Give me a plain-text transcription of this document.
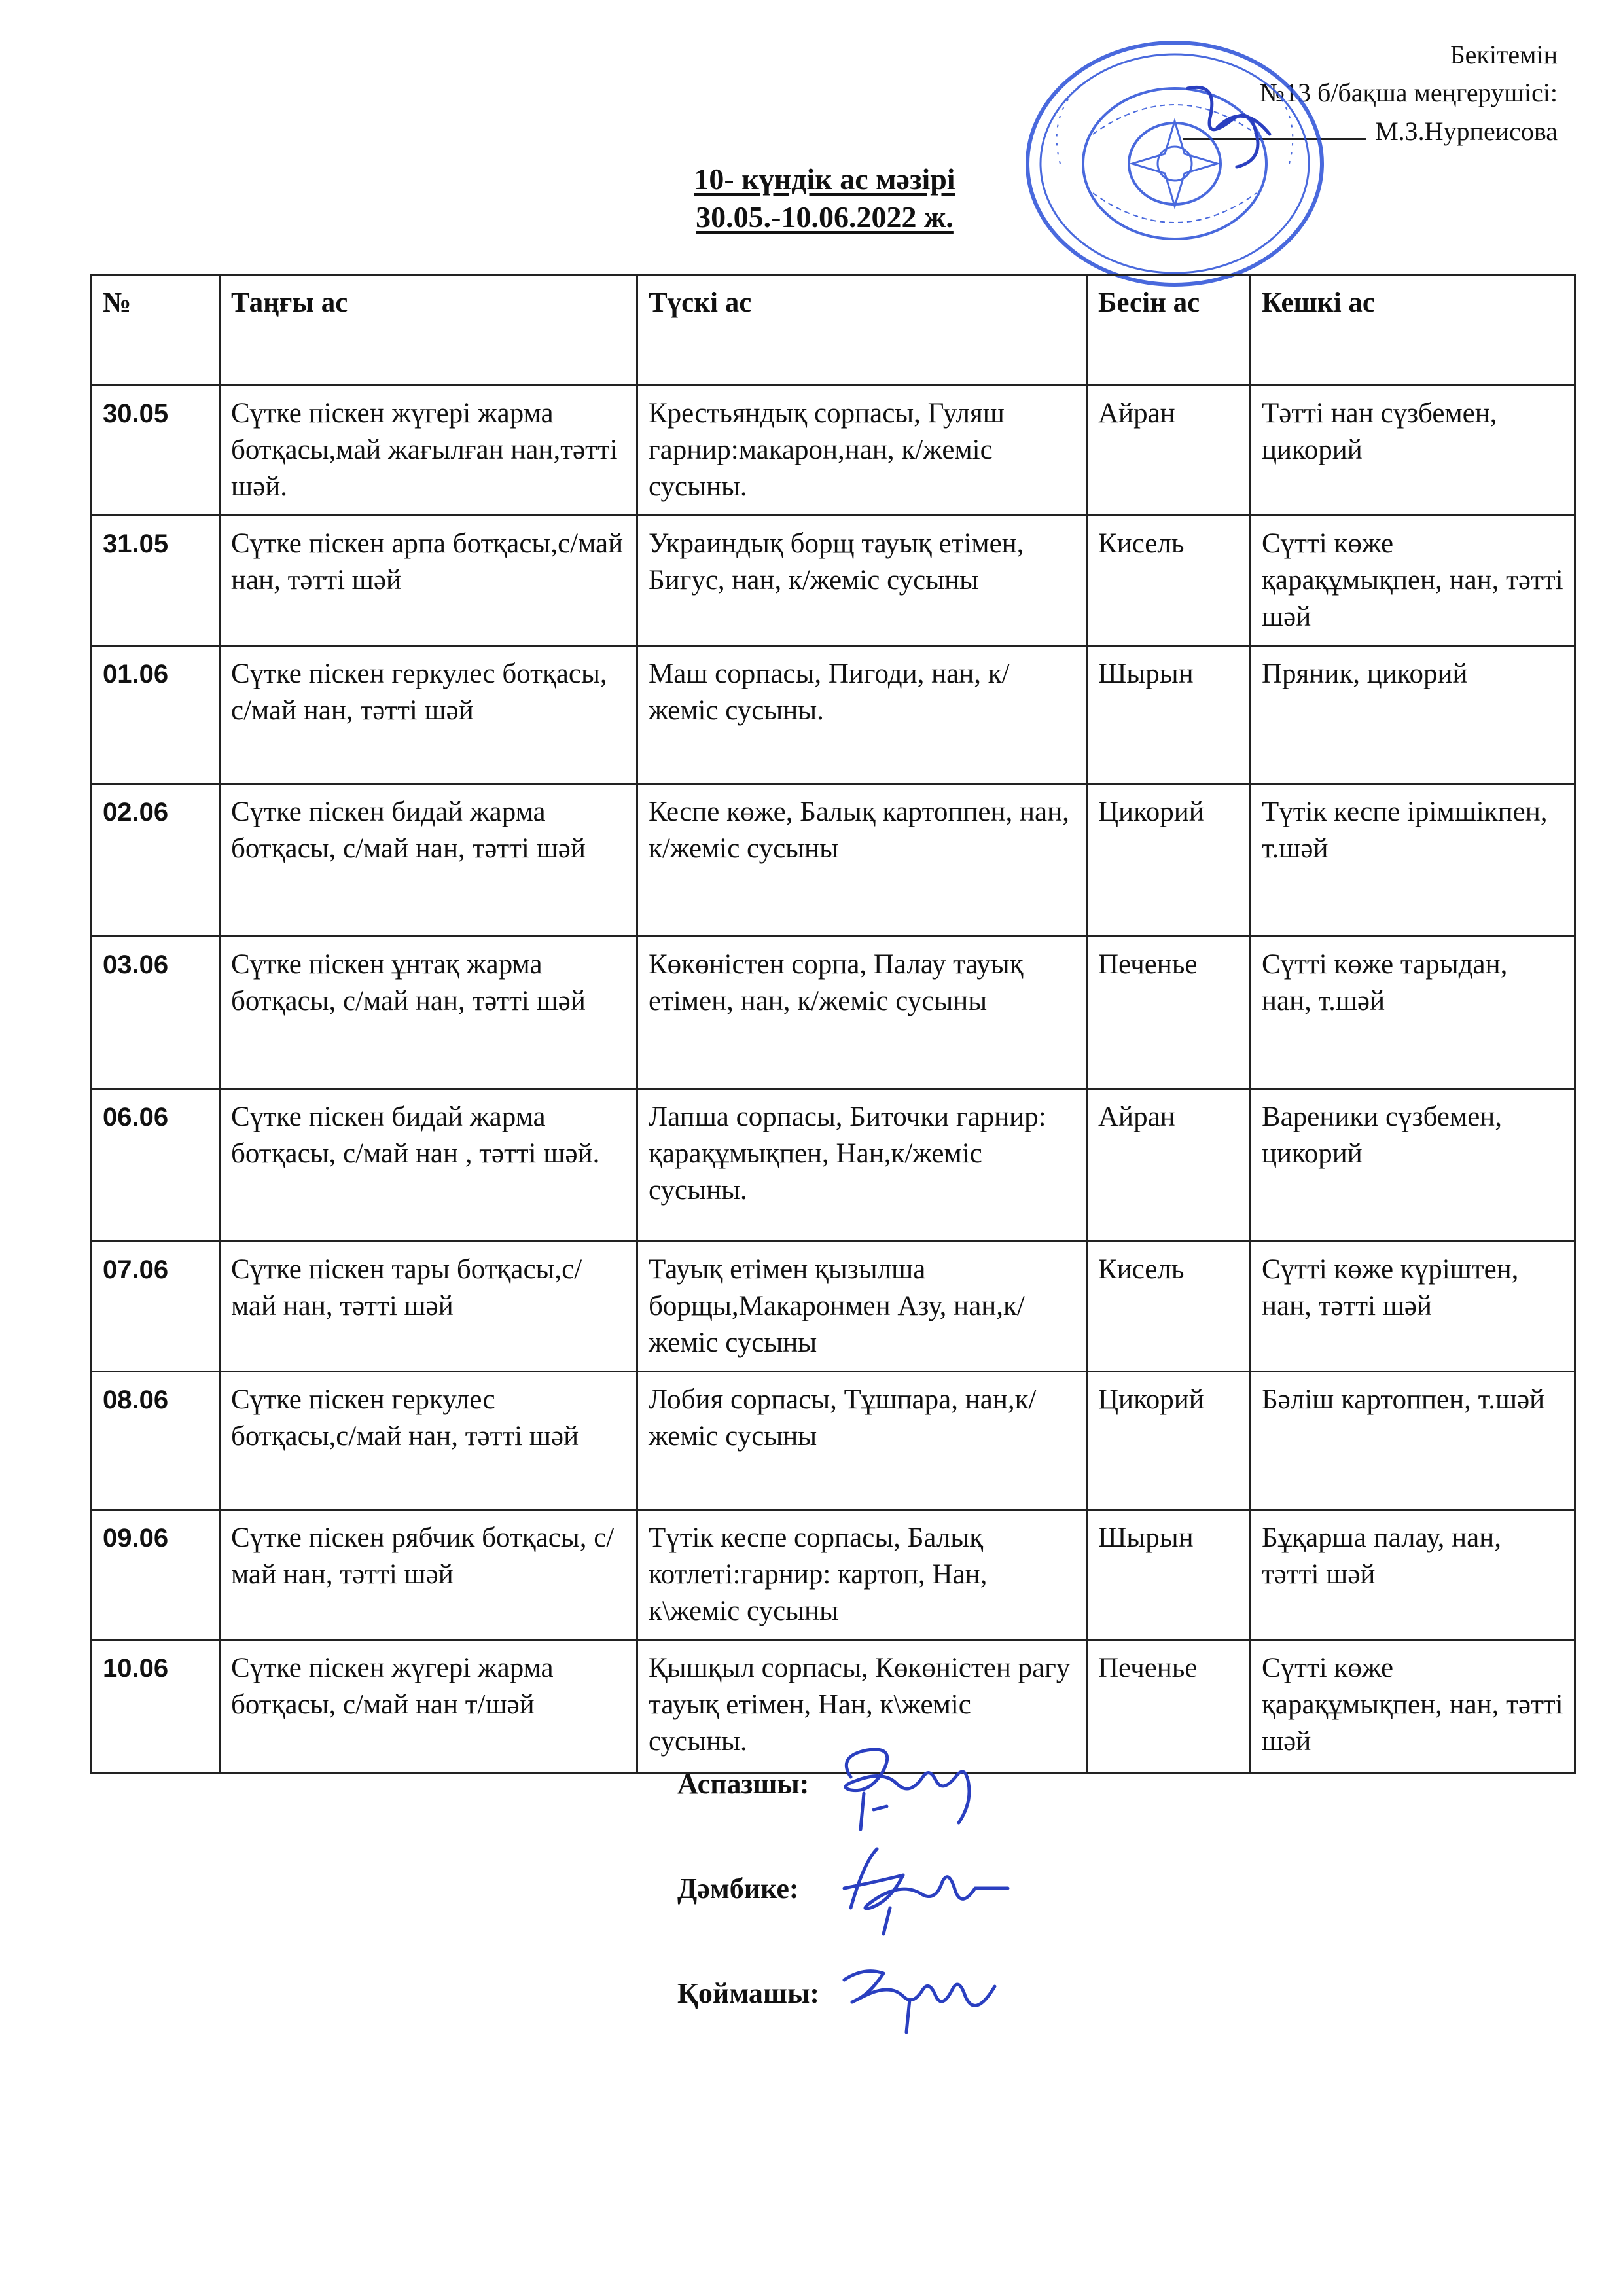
Бекітемін
№13 б/бақша меңгерушісі:
М.З.Нурпеисова
10- күндік ас мәзірі
30.05.-10.06.2022 ж.
№	Таңғы ас	Түскі ас	Бесін ас	Кешкі ас
30.05	Сүтке піскен жүгері жарма ботқасы,май жағылған нан,тәтті шәй.	Крестьяндық сорпасы, Гуляш гарнир:макарон,нан, к/жеміс сусыны.	Айран	Тәтті нан сүзбемен, цикорий
31.05	Сүтке піскен арпа ботқасы,с/май нан, тәтті шәй	Украиндық борщ тауық етімен, Бигус, нан, к/жеміс сусыны	Кисель	Сүтті көже қарақұмықпен, нан, тәтті шәй
01.06	Сүтке піскен геркулес ботқасы, с/май нан, тәтті шәй	Маш сорпасы, Пигоди, нан, к/ жеміс сусыны.	Шырын	Пряник, цикорий
02.06	Сүтке піскен бидай жарма ботқасы, с/май нан, тәтті шәй	Кеспе көже, Балық картоппен, нан, к/жеміс сусыны	Цикорий	Түтік кеспе ірімшікпен, т.шәй
03.06	Сүтке піскен ұнтақ жарма ботқасы, с/май нан, тәтті шәй	Көкөністен сорпа, Палау тауық етімен, нан, к/жеміс сусыны	Печенье	Сүтті көже тарыдан, нан, т.шәй
06.06	Сүтке піскен бидай жарма ботқасы, с/май нан , тәтті шәй.	Лапша сорпасы, Биточки гарнир: қарақұмықпен, Нан,к/жеміс сусыны.	Айран	Вареники сүзбемен, цикорий
07.06	Сүтке піскен тары ботқасы,с/май нан, тәтті шәй	Тауық етімен қызылша борщы,Макаронмен Азу, нан,к/жеміс сусыны	Кисель	Сүтті көже күріштен, нан, тәтті шәй
08.06	Сүтке піскен геркулес ботқасы,с/май нан, тәтті шәй	Лобия сорпасы, Тұшпара, нан,к/жеміс сусыны	Цикорий	Бәліш картоппен, т.шәй
09.06	Сүтке піскен рябчик ботқасы, с/май нан, тәтті шәй	Түтік кеспе сорпасы, Балық котлеті:гарнир: картоп, Нан, к\жеміс сусыны	Шырын	Бұқарша палау, нан, тәтті шәй
10.06	Сүтке піскен жүгері жарма ботқасы, с/май нан т/шәй	Қышқыл сорпасы, Көкөністен рагу тауық етімен, Нан, к\жеміс сусыны.	Печенье	Сүтті көже қарақұмықпен, нан, тәтті шәй
Аспазшы:
Дәмбике:
Қоймашы:
